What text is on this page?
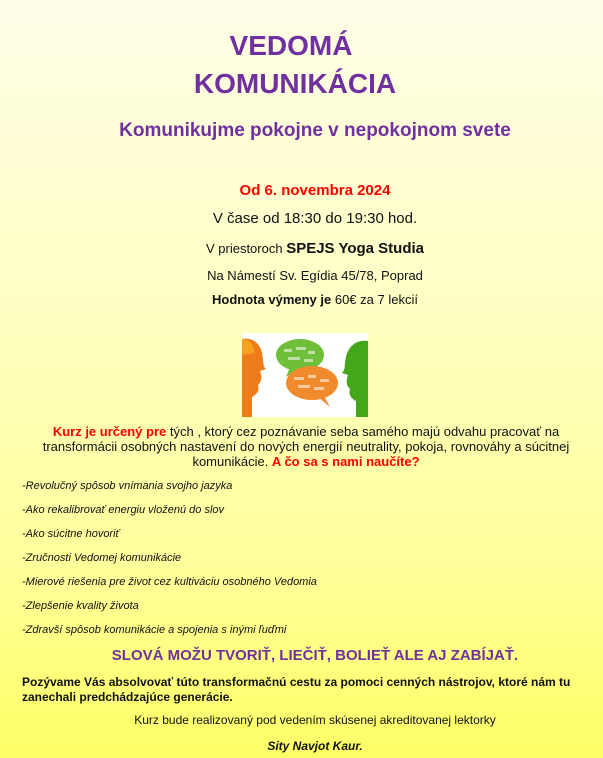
VEDOMÁ
KOMUNIKÁCIA
Komunikujme pokojne v nepokojnom svete
Od 6. novembra 2024
V čase od 18:30 do 19:30 hod.
V priestoroch SPEJS Yoga Studia
Na Námestí Sv. Egídia 45/78, Poprad
Hodnota výmeny je 60€ za 7 lekcií
Kurz je určený pre tých , ktorý cez poznávanie seba samého majú odvahu pracovať na transformácii osobných nastavení do nových energií neutrality, pokoja, rovnováhy a súcitnej komunikácie. A čo sa s nami naučíte?
-Revolučný spôsob vnímania svojho jazyka
-Ako rekalibrovať energiu vloženú do slov
-Ako súcitne hovoriť
-Zručnosti Vedomej komunikácie
-Mierové riešenia pre život cez kultiváciu osobného Vedomia
-Zlepšenie kvality života
-Zdravší spôsob komunikácie a spojenia s inými ľuďmi
SLOVÁ MOŽU TVORIŤ, LIEČIŤ, BOLIEŤ ALE AJ ZABÍJAŤ.
Pozývame Vás absolvovať túto transformačnú cestu za pomoci cenných nástrojov, ktoré nám tu zanechali predchádzajúce generácie.
Kurz bude realizovaný pod vedením skúsenej akreditovanej lektorky
Sity Navjot Kaur.
